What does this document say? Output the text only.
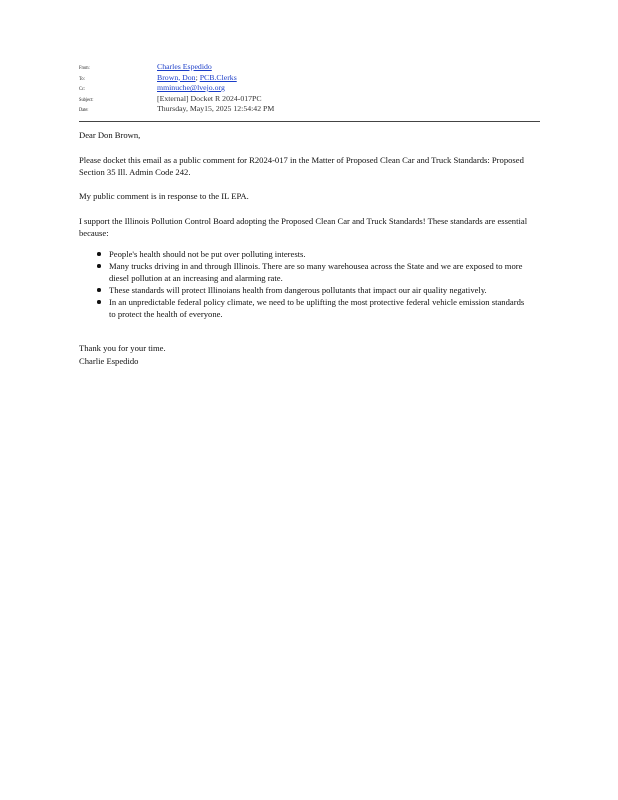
From:	Charles Espedido
To:	Brown, Don; PCB.Clerks
Cc:	mminuche@lvejo.org
Subject:	[External] Docket R 2024-017PC
Date:	Thursday, May15, 2025 12:54:42 PM

Dear Don Brown,

Please docket this email as a public comment for R2024-017 in the Matter of Proposed Clean Car and Truck Standards: Proposed Section 35 Ill. Admin Code 242.

My public comment is in response to the IL EPA.

I support the Illinois Pollution Control Board adopting the Proposed Clean Car and Truck Standards! These standards are essential because:

People's health should not be put over polluting interests.
Many trucks driving in and through Illinois. There are so many warehousea across the State and we are exposed to more diesel pollution at an increasing and alarming rate.
These standards will protect Illinoians health from dangerous pollutants that impact our air quality negatively.
In an unpredictable federal policy climate, we need to be uplifting the most protective federal vehicle emission standards to protect the health of everyone.
Thank you for your time.
Charlie Espedido
